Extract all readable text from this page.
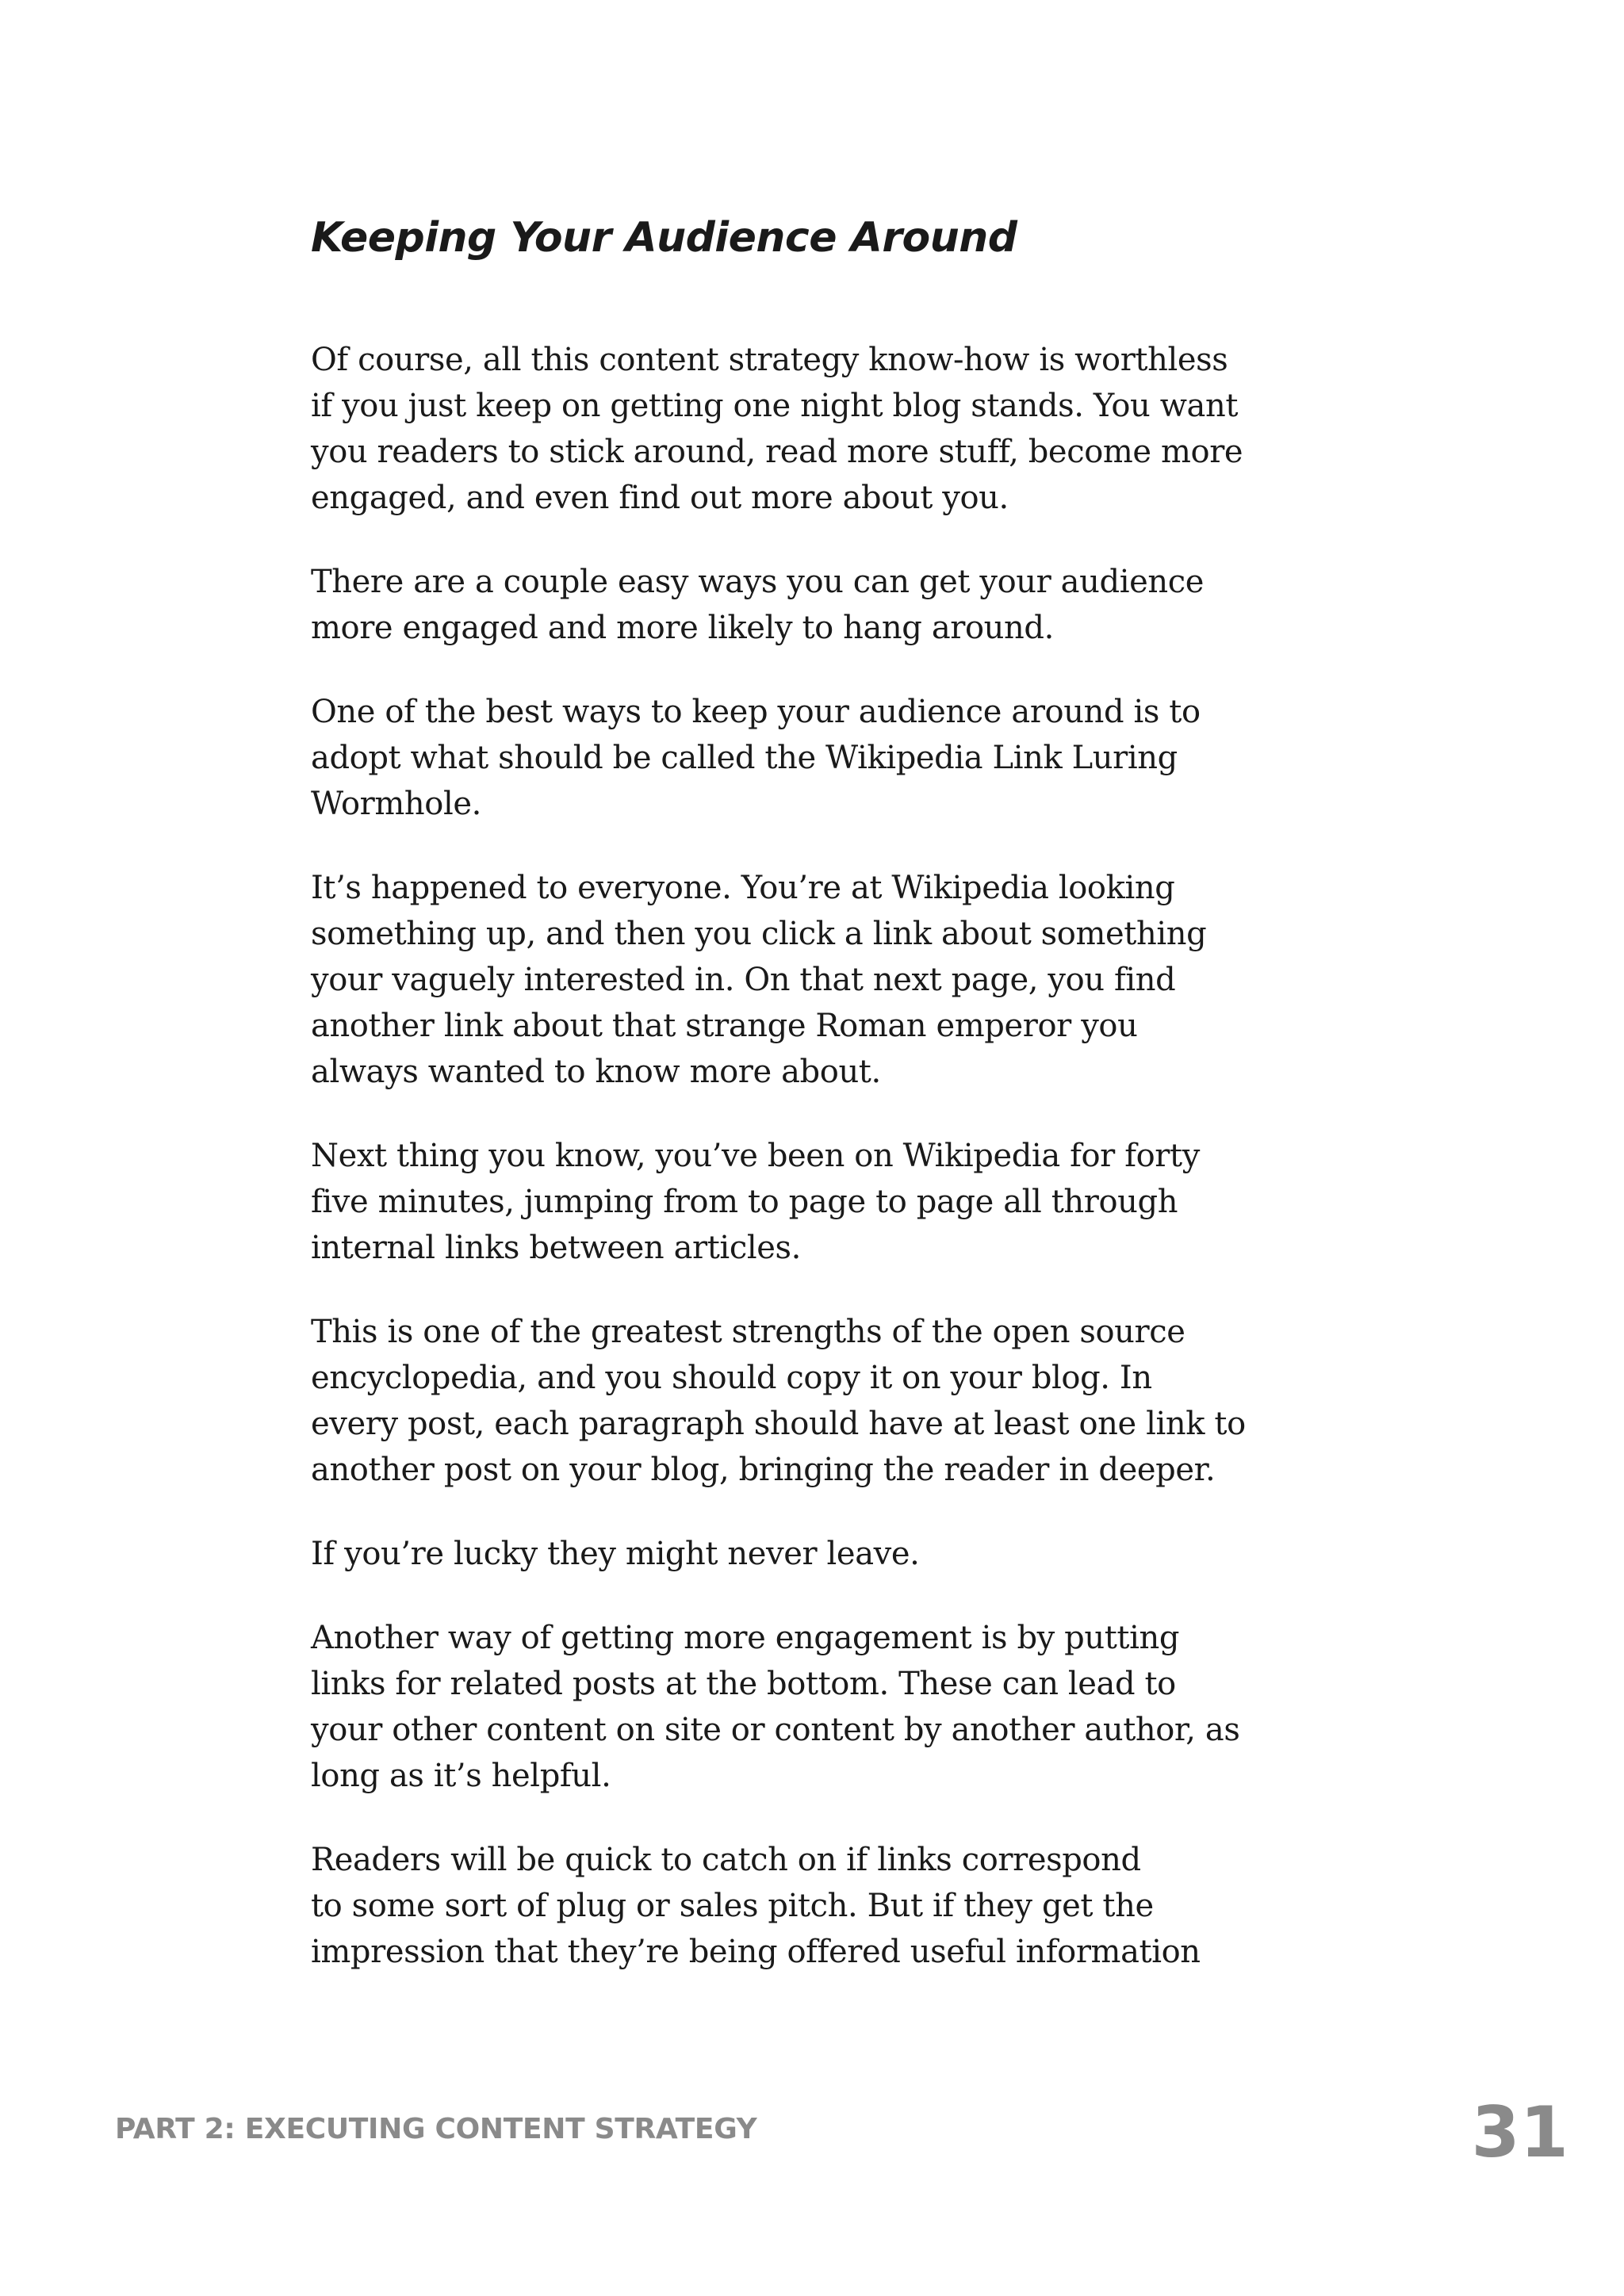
Keeping Your Audience Around

Of course, all this content strategy know-how is worthless
if you just keep on getting one night blog stands. You want
you readers to stick around, read more stuff, become more
engaged, and even find out more about you.

There are a couple easy ways you can get your audience
more engaged and more likely to hang around.

One of the best ways to keep your audience around is to
adopt what should be called the Wikipedia Link Luring
Wormhole.

It’s happened to everyone. You’re at Wikipedia looking
something up, and then you click a link about something
your vaguely interested in. On that next page, you find
another link about that strange Roman emperor you
always wanted to know more about.

Next thing you know, you’ve been on Wikipedia for forty
five minutes, jumping from to page to page all through
internal links between articles.

This is one of the greatest strengths of the open source
encyclopedia, and you should copy it on your blog. In
every post, each paragraph should have at least one link to
another post on your blog, bringing the reader in deeper.

If you’re lucky they might never leave.

Another way of getting more engagement is by putting
links for related posts at the bottom. These can lead to
your other content on site or content by another author, as
long as it’s helpful.

Readers will be quick to catch on if links correspond
to some sort of plug or sales pitch. But if they get the
impression that they’re being offered useful information

PART 2: EXECUTING CONTENT STRATEGY	31
